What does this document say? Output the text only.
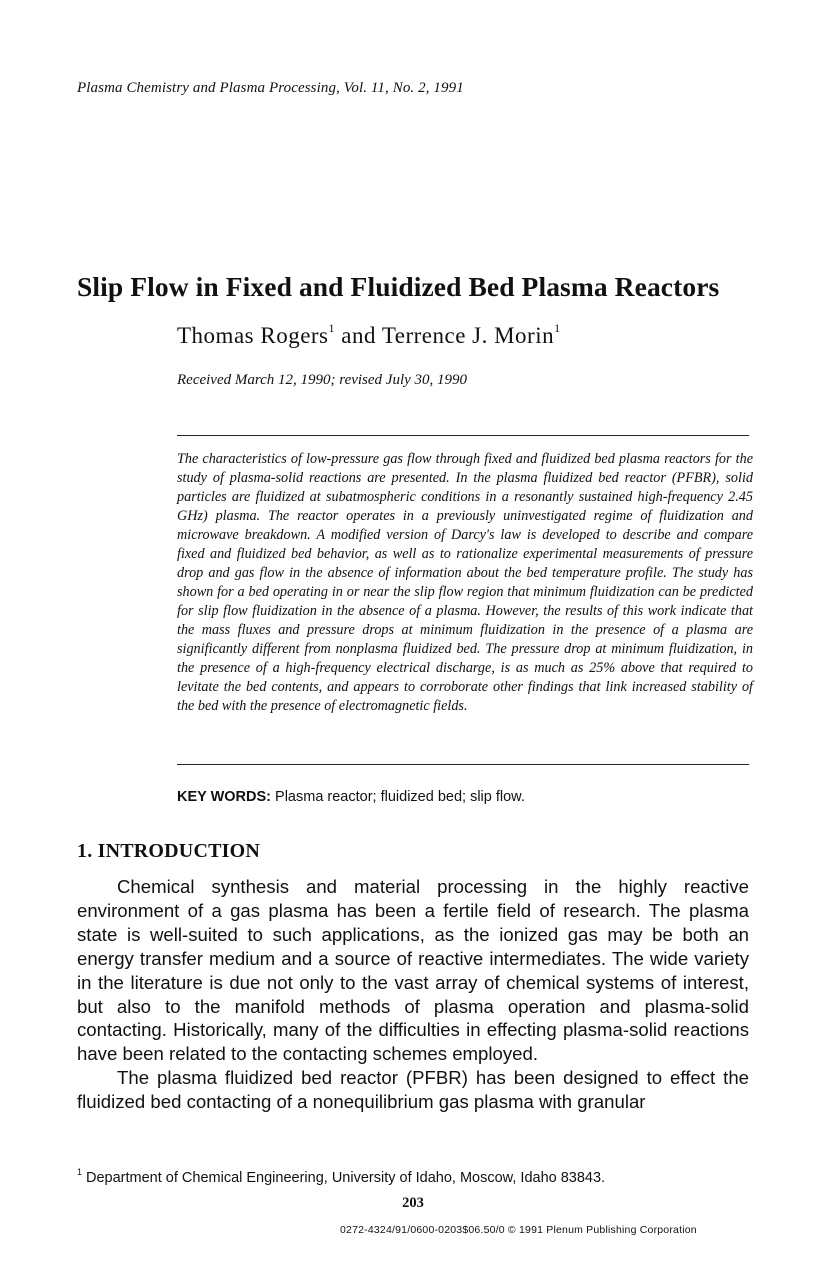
Plasma Chemistry and Plasma Processing, Vol. 11, No. 2, 1991
Slip Flow in Fixed and Fluidized Bed Plasma Reactors
Thomas Rogers$^1$ and Terrence J. Morin$^1$
Received March 12, 1990; revised July 30, 1990
The characteristics of low-pressure gas flow through fixed and fluidized bed plasma reactors for the study of plasma-solid reactions are presented. In the plasma fluidized bed reactor (PFBR), solid particles are fluidized at subatmospheric conditions in a resonantly sustained high-frequency 2.45 GHz) plasma. The reactor operates in a previously uninvestigated regime of fluidization and microwave breakdown. A modified version of Darcy's law is developed to describe and compare fixed and fluidized bed behavior, as well as to rationalize experimental measurements of pressure drop and gas flow in the absence of information about the bed temperature profile. The study has shown for a bed operating in or near the slip flow region that minimum fluidization can be predicted for slip flow fluidization in the absence of a plasma. However, the results of this work indicate that the mass fluxes and pressure drops at minimum fluidization in the presence of a plasma are significantly different from nonplasma fluidized bed. The pressure drop at minimum fluidization, in the presence of a high-frequency electrical discharge, is as much as 25% above that required to levitate the bed contents, and appears to corroborate other findings that link increased stability of the bed with the presence of electromagnetic fields.
KEY WORDS: Plasma reactor; fluidized bed; slip flow.
1. INTRODUCTION

Chemical synthesis and material processing in the highly reactive environment of a gas plasma has been a fertile field of research. The plasma state is well-suited to such applications, as the ionized gas may be both an energy transfer medium and a source of reactive intermediates. The wide variety in the literature is due not only to the vast array of chemical systems of interest, but also to the manifold methods of plasma operation and plasma-solid contacting. Historically, many of the difficulties in effecting plasma-solid reactions have been related to the contacting schemes employed.

The plasma fluidized bed reactor (PFBR) has been designed to effect the fluidized bed contacting of a nonequilibrium gas plasma with granular

$^1$ Department of Chemical Engineering, University of Idaho, Moscow, Idaho 83843.
203
0272-4324/91/0600-0203$06.50/0 © 1991 Plenum Publishing Corporation
